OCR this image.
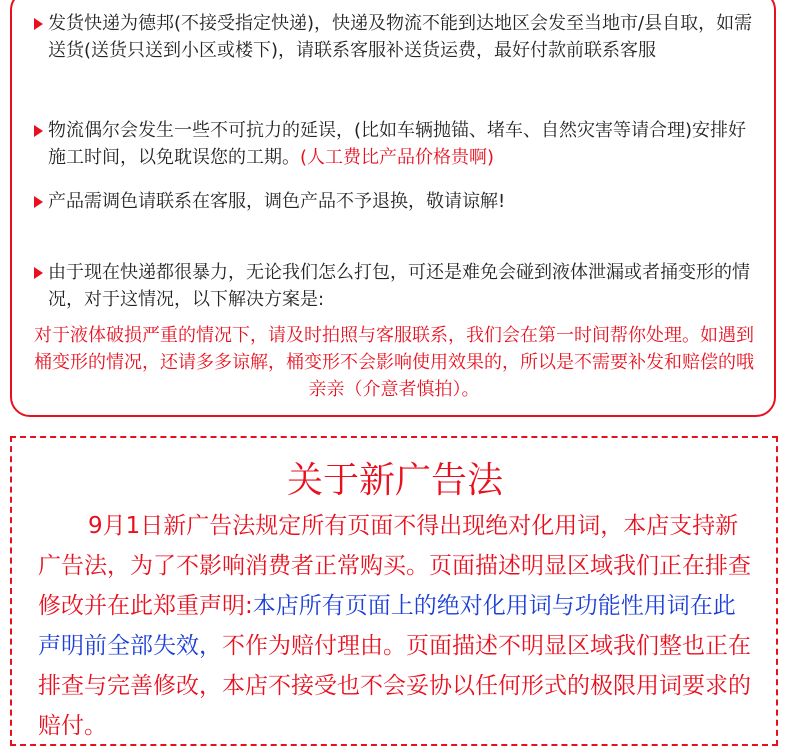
发货快递为德邦(不接受指定快递)，快递及物流不能到达地区会发至当地市/县自取，如需送货(送货只送到小区或楼下)，请联系客服补送货运费，最好付款前联系客服
物流偶尔会发生一些不可抗力的延误，(比如车辆抛锚、堵车、自然灾害等请合理)安排好施工时间，以免耽误您的工期。(人工费比产品价格贵啊)
产品需调色请联系在客服，调色产品不予退换，敬请谅解!
由于现在快递都很暴力，无论我们怎么打包，可还是难免会碰到液体泄漏或者捅变形的情况，对于这情况，以下解决方案是:
对于液体破损严重的情况下，请及时拍照与客服联系，我们会在第一时间帮你处理。如遇到桶变形的情况，还请多多谅解，桶变形不会影响使用效果的，所以是不需要补发和赔偿的哦亲亲（介意者慎拍）。
关于新广告法
9月1日新广告法规定所有页面不得出现绝对化用词，本店支持新广告法，为了不影响消费者正常购买。页面描述明显区域我们正在排查修改并在此郑重声明:本店所有页面上的绝对化用词与功能性用词在此声明前全部失效，不作为赔付理由。页面描述不明显区域我们整也正在排查与完善修改，本店不接受也不会妥协以任何形式的极限用词要求的赔付。
